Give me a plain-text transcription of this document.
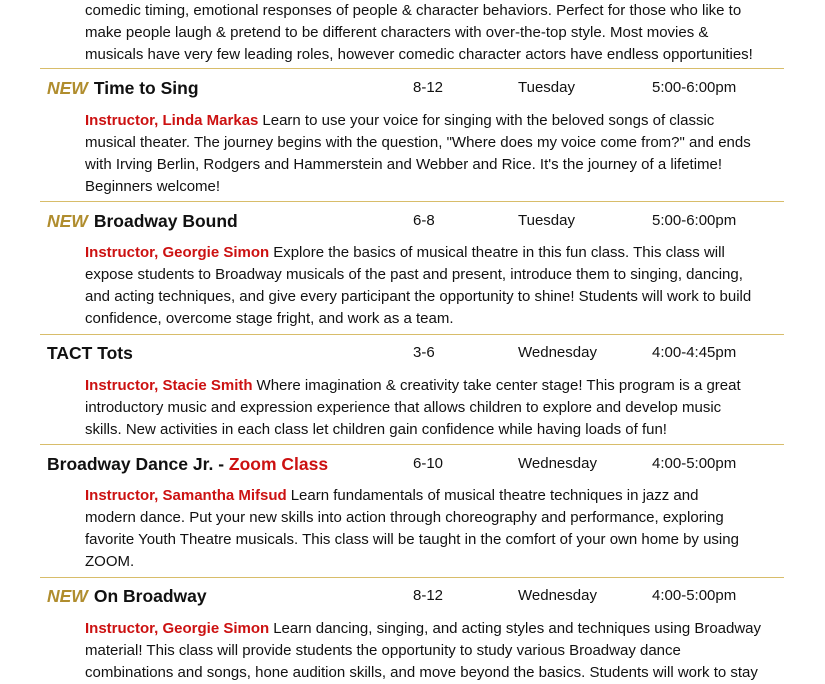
comedic timing, emotional responses of people & character behaviors. Perfect for those who like to
make people laugh & pretend to be different characters with over-the-top style. Most movies &
musicals have very few leading roles, however comedic character actors have endless opportunities!
NEW Time to Sing	8-12	Tuesday	5:00-6:00pm
Instructor, Linda Markas Learn to use your voice for singing with the beloved songs of classic
musical theater. The journey begins with the question, "Where does my voice come from?" and ends
with Irving Berlin, Rodgers and Hammerstein and Webber and Rice. It's the journey of a lifetime!
Beginners welcome!
NEW Broadway Bound	6-8	Tuesday	5:00-6:00pm
Instructor, Georgie Simon Explore the basics of musical theatre in this fun class. This class will
expose students to Broadway musicals of the past and present, introduce them to singing, dancing,
and acting techniques, and give every participant the opportunity to shine! Students will work to build
confidence, overcome stage fright, and work as a team.
TACT Tots	3-6	Wednesday	4:00-4:45pm
Instructor, Stacie Smith Where imagination & creativity take center stage! This program is a great
introductory music and expression experience that allows children to explore and develop music
skills. New activities in each class let children gain confidence while having loads of fun!
Broadway Dance Jr. - Zoom Class	6-10	Wednesday	4:00-5:00pm
Instructor, Samantha Mifsud Learn fundamentals of musical theatre techniques in jazz and
modern dance. Put your new skills into action through choreography and performance, exploring
favorite Youth Theatre musicals. This class will be taught in the comfort of your own home by using
ZOOM.
NEW On Broadway	8-12	Wednesday	4:00-5:00pm
Instructor, Georgie Simon Learn dancing, singing, and acting styles and techniques using Broadway
material! This class will provide students the opportunity to study various Broadway dance
combinations and songs, hone audition skills, and move beyond the basics. Students will work to stay
